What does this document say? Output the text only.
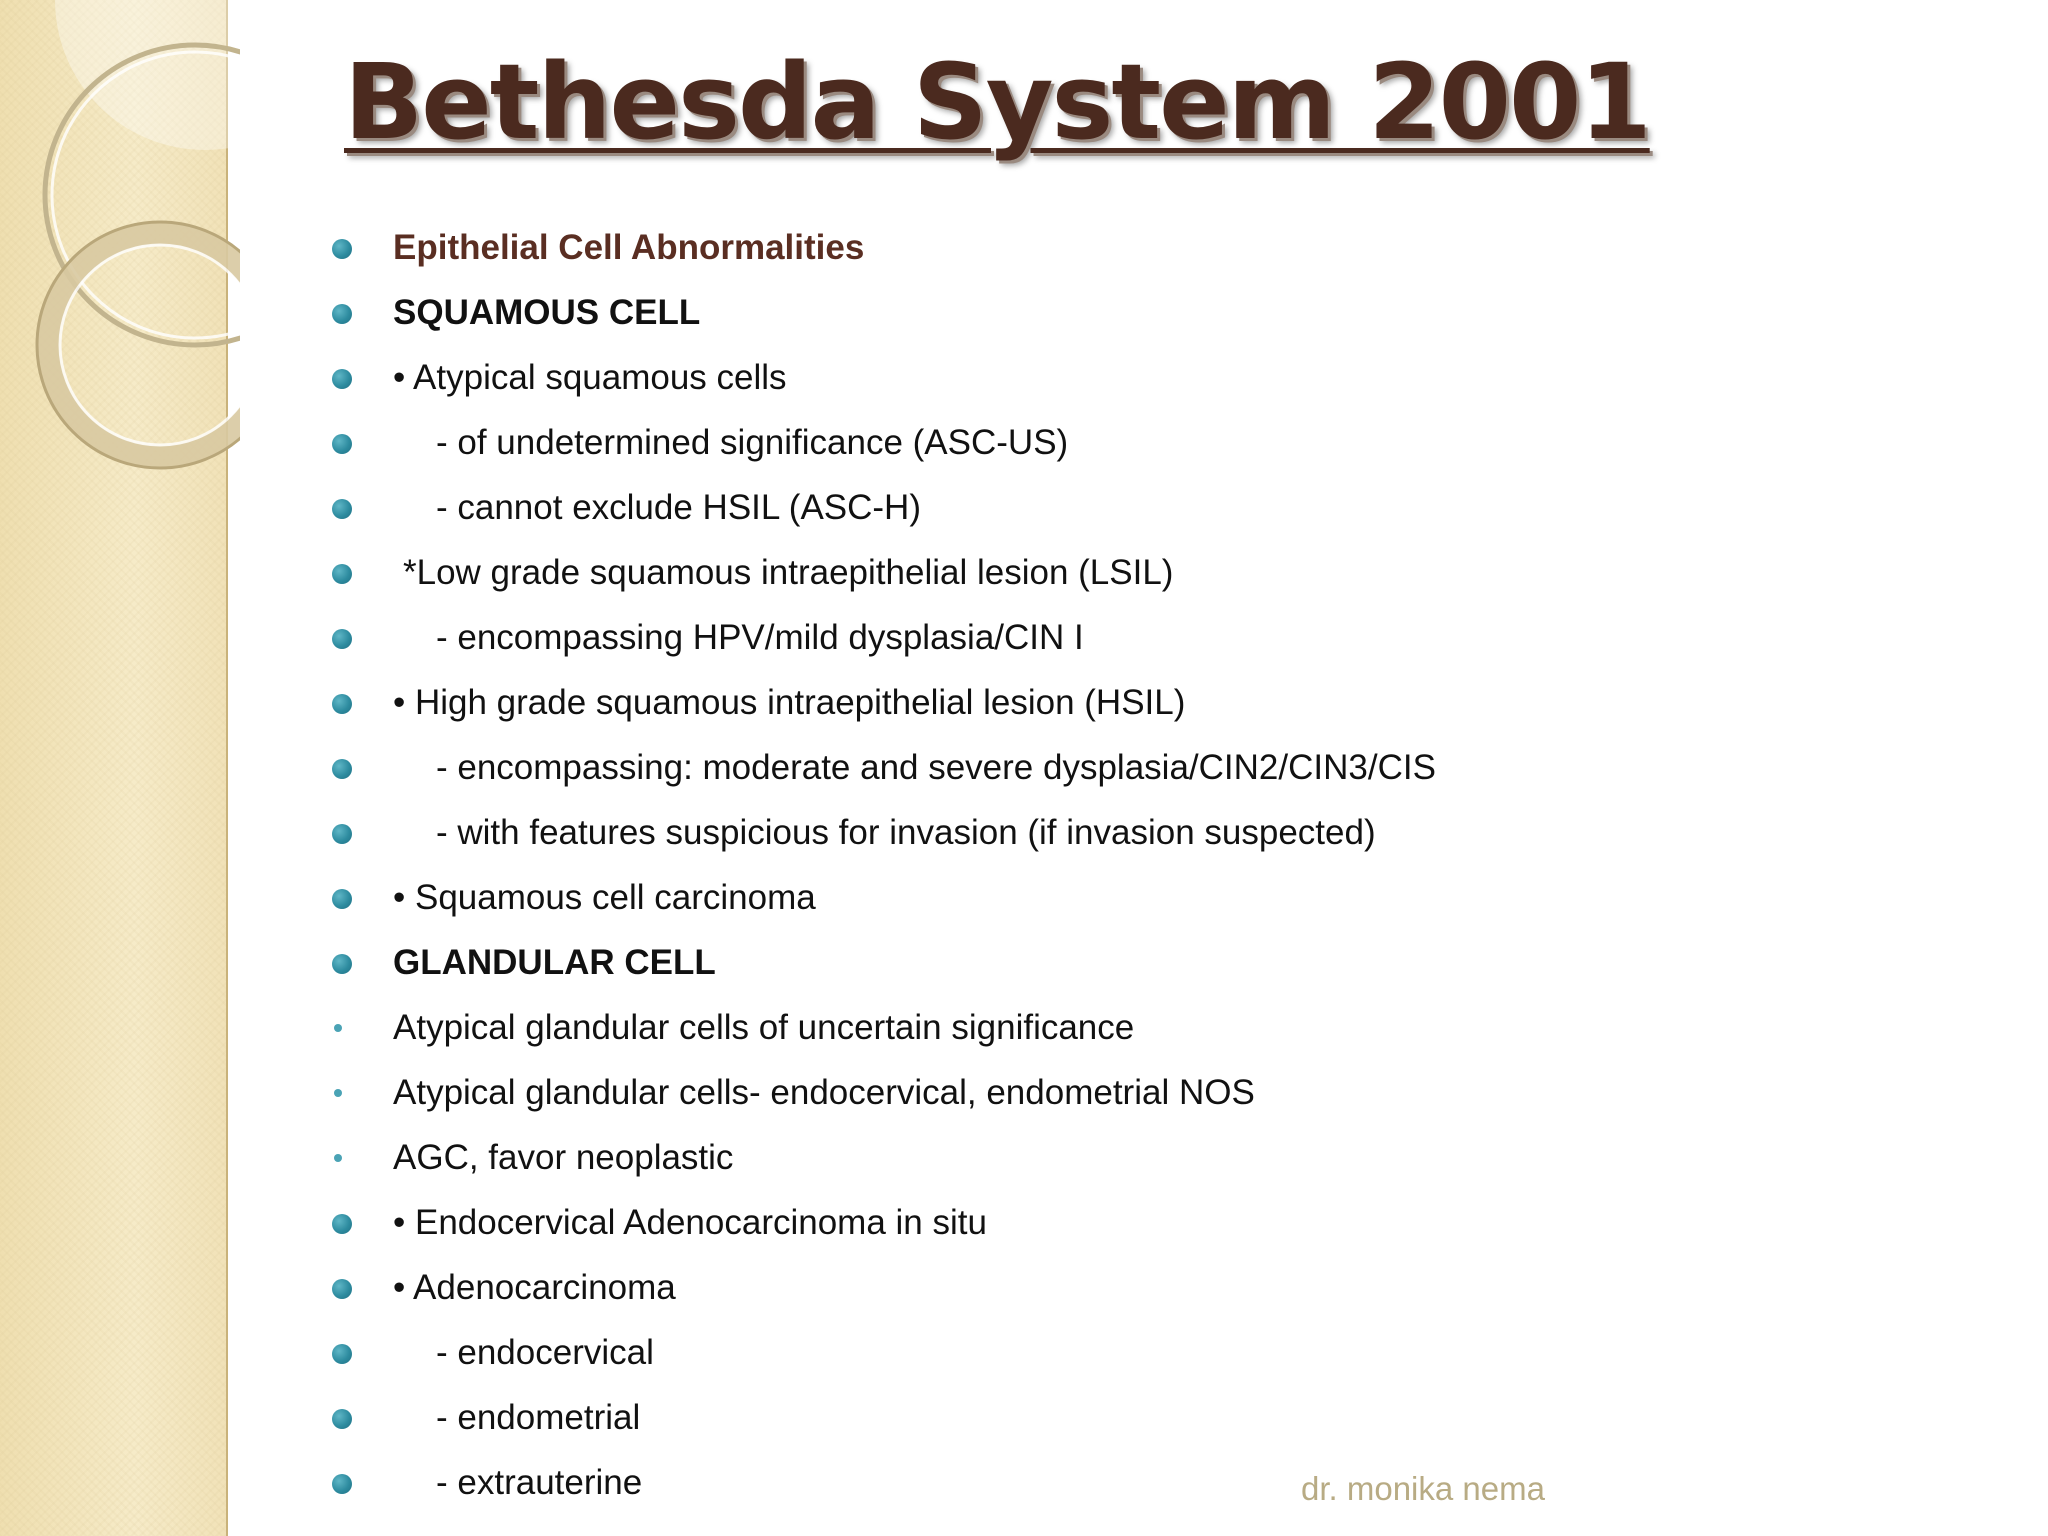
Bethesda System 2001
Epithelial Cell Abnormalities
SQUAMOUS CELL
• Atypical squamous cells
- of undetermined significance (ASC-US)
- cannot exclude HSIL (ASC-H)
*Low grade squamous intraepithelial lesion (LSIL)
- encompassing HPV/mild dysplasia/CIN I
• High grade squamous intraepithelial lesion (HSIL)
- encompassing: moderate and severe dysplasia/CIN2/CIN3/CIS
- with features suspicious for invasion (if invasion suspected)
• Squamous cell carcinoma
GLANDULAR CELL
Atypical glandular cells of uncertain significance
Atypical glandular cells- endocervical, endometrial NOS
AGC, favor neoplastic
• Endocervical Adenocarcinoma in situ
• Adenocarcinoma
- endocervical
- endometrial
- extrauterine	dr. monika nema
